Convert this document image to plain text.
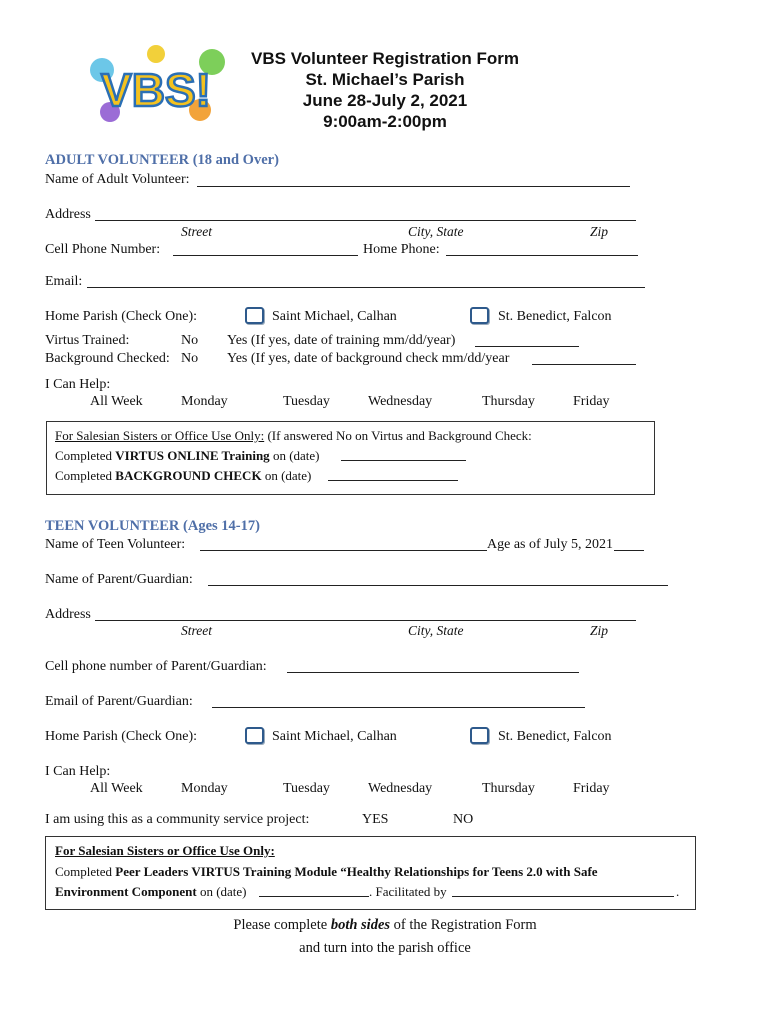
VBS!
VBS Volunteer Registration Form
St. Michael’s Parish
June 28-July 2, 2021
9:00am-2:00pm
ADULT VOLUNTEER (18 and Over)
Name of Adult Volunteer:
Address
Street	City, State	Zip
Cell Phone Number:	Home Phone:
Email:
Home Parish (Check One):	Saint Michael, Calhan	St. Benedict, Falcon
Virtus Trained:	No Yes (If yes, date of training mm/dd/year)
Background Checked: No Yes (If yes, date of background check mm/dd/year
I Can Help:
All Week	Monday	Tuesday	Wednesday	Thursday	Friday
For Salesian Sisters or Office Use Only: (If answered No on Virtus and Background Check:
Completed VIRTUS ONLINE Training on (date)
Completed BACKGROUND CHECK on (date)
TEEN VOLUNTEER (Ages 14-17)
Name of Teen Volunteer:	Age as of July 5, 2021
Name of Parent/Guardian:
Address
Street	City, State	Zip
Cell phone number of Parent/Guardian:
Email of Parent/Guardian:
Home Parish (Check One):	Saint Michael, Calhan	St. Benedict, Falcon
I Can Help:
All Week	Monday	Tuesday	Wednesday	Thursday	Friday
I am using this as a community service project:	YES	NO
For Salesian Sisters or Office Use Only:
Completed Peer Leaders VIRTUS Training Module “Healthy Relationships for Teens 2.0 with Safe
Environment Component on (date)	. Facilitated by	.
Please complete both sides of the Registration Form
and turn into the parish office
